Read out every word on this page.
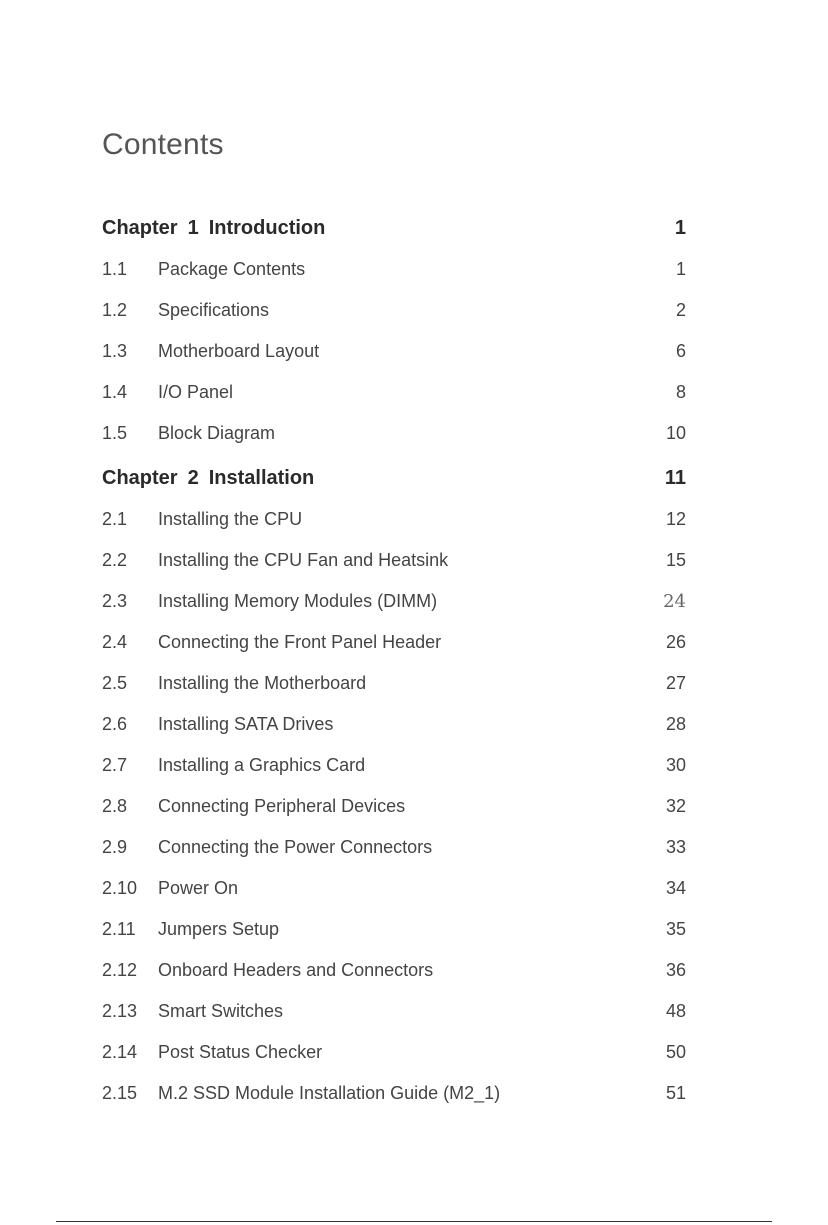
Contents
Chapter 1 Introduction	1
1.1	Package Contents	1
1.2	Specifications	2
1.3	Motherboard Layout	6
1.4	I/O Panel	8
1.5	Block Diagram	10
Chapter 2 Installation	11
2.1	Installing the CPU	12
2.2	Installing the CPU Fan and Heatsink	15
2.3	Installing Memory Modules (DIMM)	24
2.4	Connecting the Front Panel Header	26
2.5	Installing the Motherboard	27
2.6	Installing SATA Drives	28
2.7	Installing a Graphics Card	30
2.8	Connecting Peripheral Devices	32
2.9	Connecting the Power Connectors	33
2.10	Power On	34
2.11	Jumpers Setup	35
2.12	Onboard Headers and Connectors	36
2.13	Smart Switches	48
2.14	Post Status Checker	50
2.15	M.2 SSD Module Installation Guide (M2_1)	51
